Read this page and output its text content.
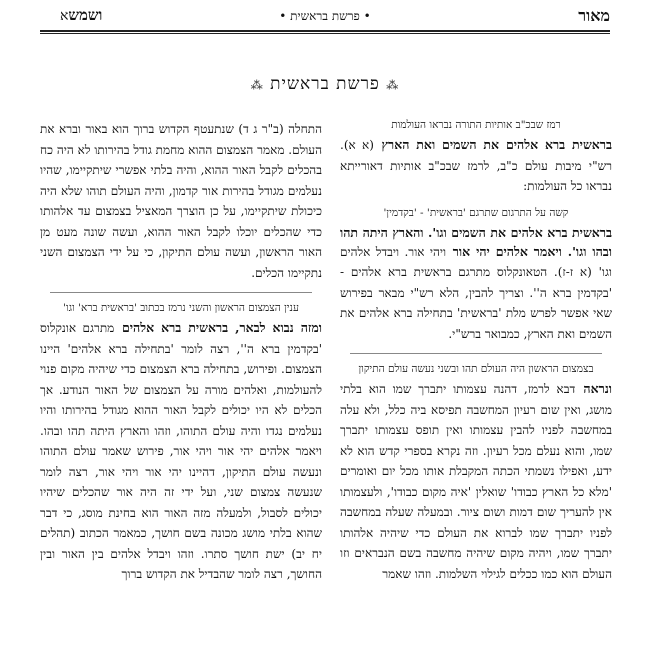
ושמשא	• פרשת בראשית •	מאור
⁂ פרשת בראשית ⁂
רמז שבכ"ב אותיות התורה נבראו העולמות
בראשית ברא אלהים את השמים ואת הארץ (א א). רש"י מיבות עולם כ"ב, לרמז שבכ"ב אותיות דאורייתא נבראו כל העולמות:
קשה על התרגום שתרגם 'בראשית' - 'בקדמין'
בראשית ברא אלהים את השמים וגו'. והארץ היתה תהו ובהו וגו'. ויאמר אלהים יהי אור ויהי אור. ויבדל אלהים וגו' (א ז-ז). הטאונקלוס מתרגם בראשית ברא אלהים - 'בקדמין ברא ה''. וצריך להבין, הלא רש"י מבאר בפירוש שאי אפשר לפרש מלת 'בראשית' בתחילה ברא אלהים את השמים ואת הארץ, כמבואר ברש"י.
בצמצום הראשון היה העולם תהו ובשני נעשה עולם התיקון
ונראה דבא לרמז, דהנה עצמותו יתברך שמו הוא בלתי מושג, ואין שום רעיון המחשבה תפיסא ביה כלל, ולא עלה במחשבה לפניו להבין עצמותו ואין תופס עצמותו יתברך שמו, והוא נעלם מכל רעיון. וזה נקרא בספרי קדש הוא לא ידע, ואפילו נשמתי הכתה המקבלת אותו מכל יום ואומרים 'מלא כל הארץ כבודו' שואלין 'איה מקום כבודו', ולעצמותו אין להעריך שום דמות ושום ציור. ובמעלה שעלה במחשבה לפניו יתברך שמו לברוא את העולם כדי שיהיה אלהותו יתברך שמו, ויהיה מקום שיהיה מחשבה בשם הנבראים וזו העולם הוא כמו ככלים לגילוי השלמות. וזהו שאמר
התחלה (ב"ר ג ד) שנתעטף הקדוש ברוך הוא באור וברא את העולם. מאמר הצמצום ההוא מחמת גודל בהירותו לא היה כח בהכלים לקבל האור ההוא, והיה בלתי אפשרי שיתקיימו, שהיו נעלמים מגודל בהירות אור קדמון, והיה העולם תוהו שלא היה כיכולת שיתקיימו, על כן הוצרך המאציל בצמצום עד אלהותו כדי שהכלים יוכלו לקבל האור ההוא, ועשה שונה מעט מן האור הראשון, ועשה עולם התיקון, כי על ידי הצמצום השני נתקיימו הכלים.
ענין הצמצום הראשון והשני נרמז בכתוב 'בראשית ברא' וגו'
ומזה נבוא לבאר, בראשית ברא אלהים מתרגם אונקלוס 'בקדמין ברא ה'', רצה לומר 'בתחילה ברא אלהים' היינו הצמצום. ופירוש, בתחילה ברא הצמצום כדי שיהיה מקום פנוי להעולמות, ואלהים מורה על הצמצום של האור הנודע. אך הכלים לא היו יכולים לקבל האור ההוא מגודל בהירותו והיו נעלמים נגדו והיה עולם התוהו, וזהו והארץ היתה תהו ובהו. ויאמר אלהים יהי אור ויהי אור, פירוש שאמר עולם התוהו ונעשה עולם התיקון, דהיינו יהי אור ויהי אור, רצה לומר שנעשה צמצום שני, ועל ידי זה היה אור שהכלים שיהיו יכולים לסבול, ולמעלה מזה האור הוא בחינת מוסג, כי דבר שהוא בלתי מושג מכונה בשם חושך, כמאמר הכתוב (תהלים יח יב) ישת חושך סתרו. וזהו ויבדל אלהים בין האור ובין החושך, רצה לומר שהבדיל את הקדוש ברוך
